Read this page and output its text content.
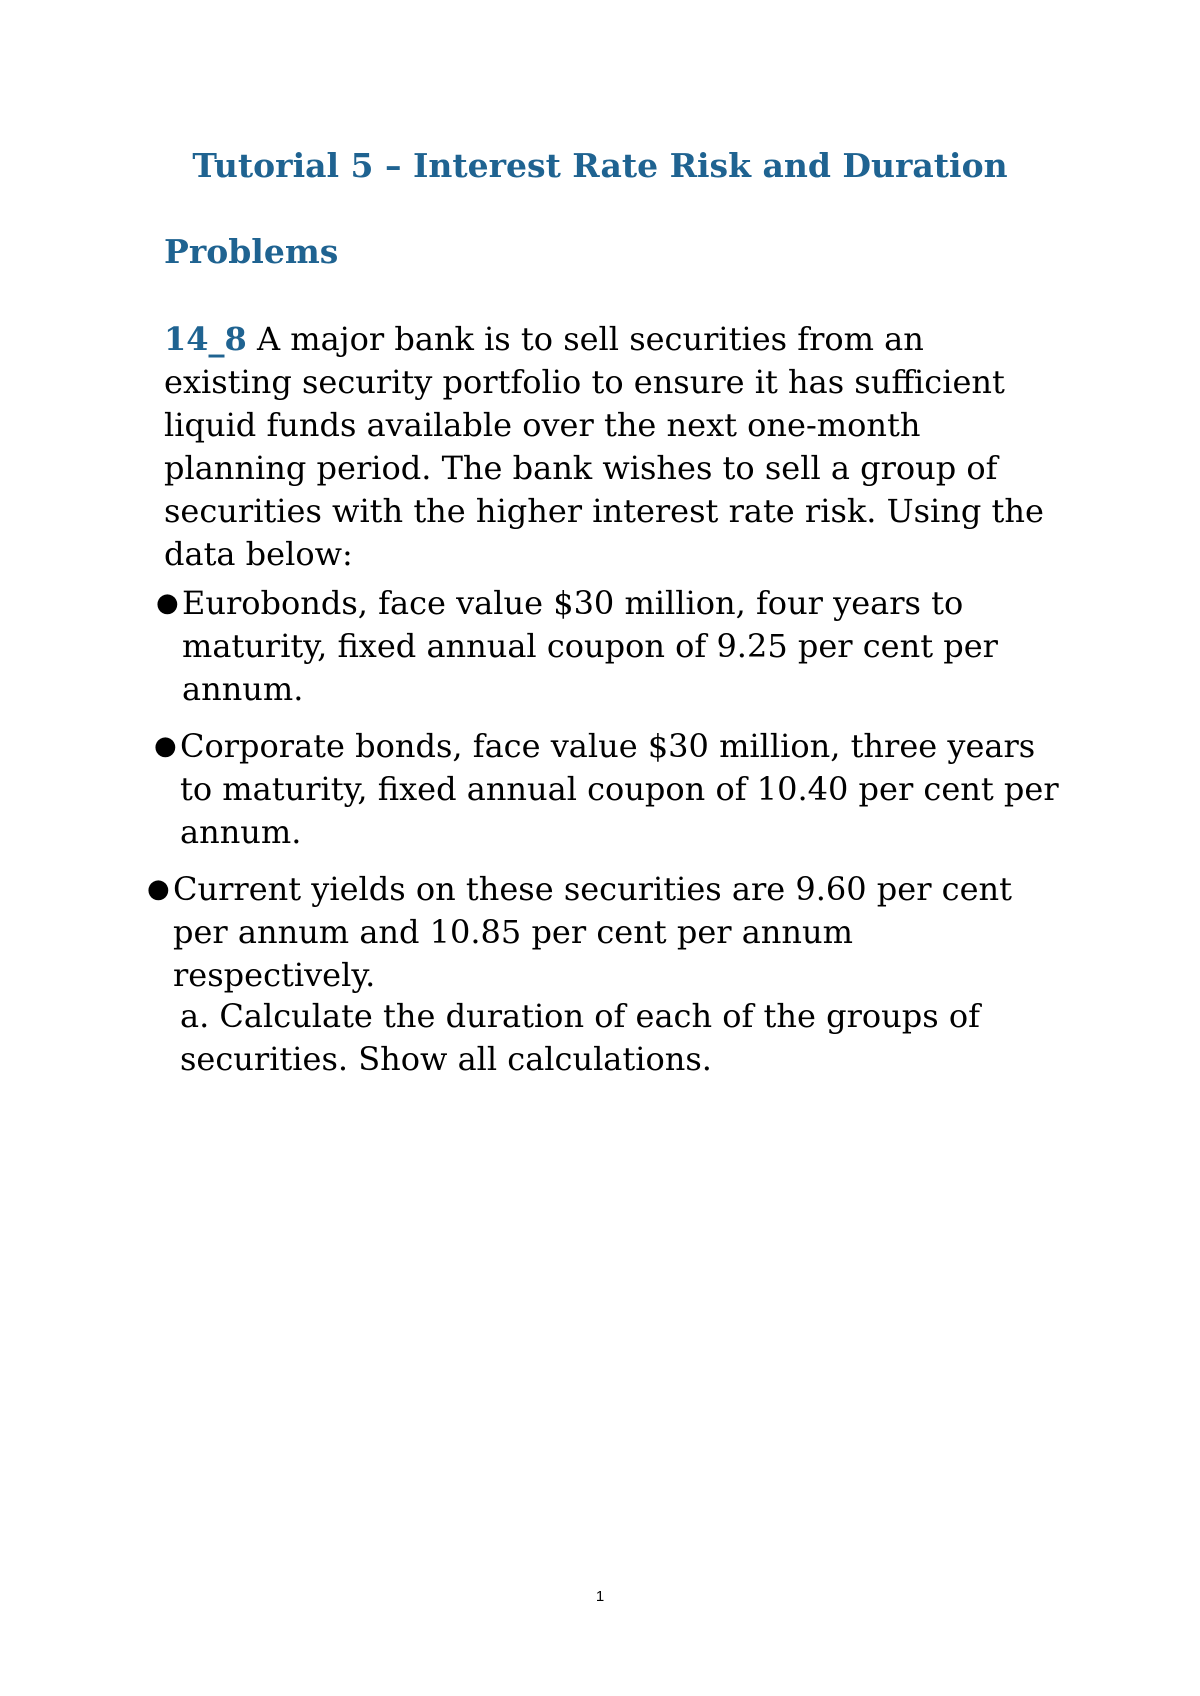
Tutorial 5 – Interest Rate Risk and Duration
Problems
14_8 A major bank is to sell securities from an existing security portfolio to ensure it has sufficient liquid funds available over the next one-month planning period. The bank wishes to sell a group of securities with the higher interest rate risk. Using the data below:
● Eurobonds, face value $30 million, four years to maturity, fixed annual coupon of 9.25 per cent per annum.
● Corporate bonds, face value $30 million, three years to maturity, fixed annual coupon of 10.40 per cent per annum.
● Current yields on these securities are 9.60 per cent per annum and 10.85 per cent per annum respectively.
a. Calculate the duration of each of the groups of securities. Show all calculations.
1
